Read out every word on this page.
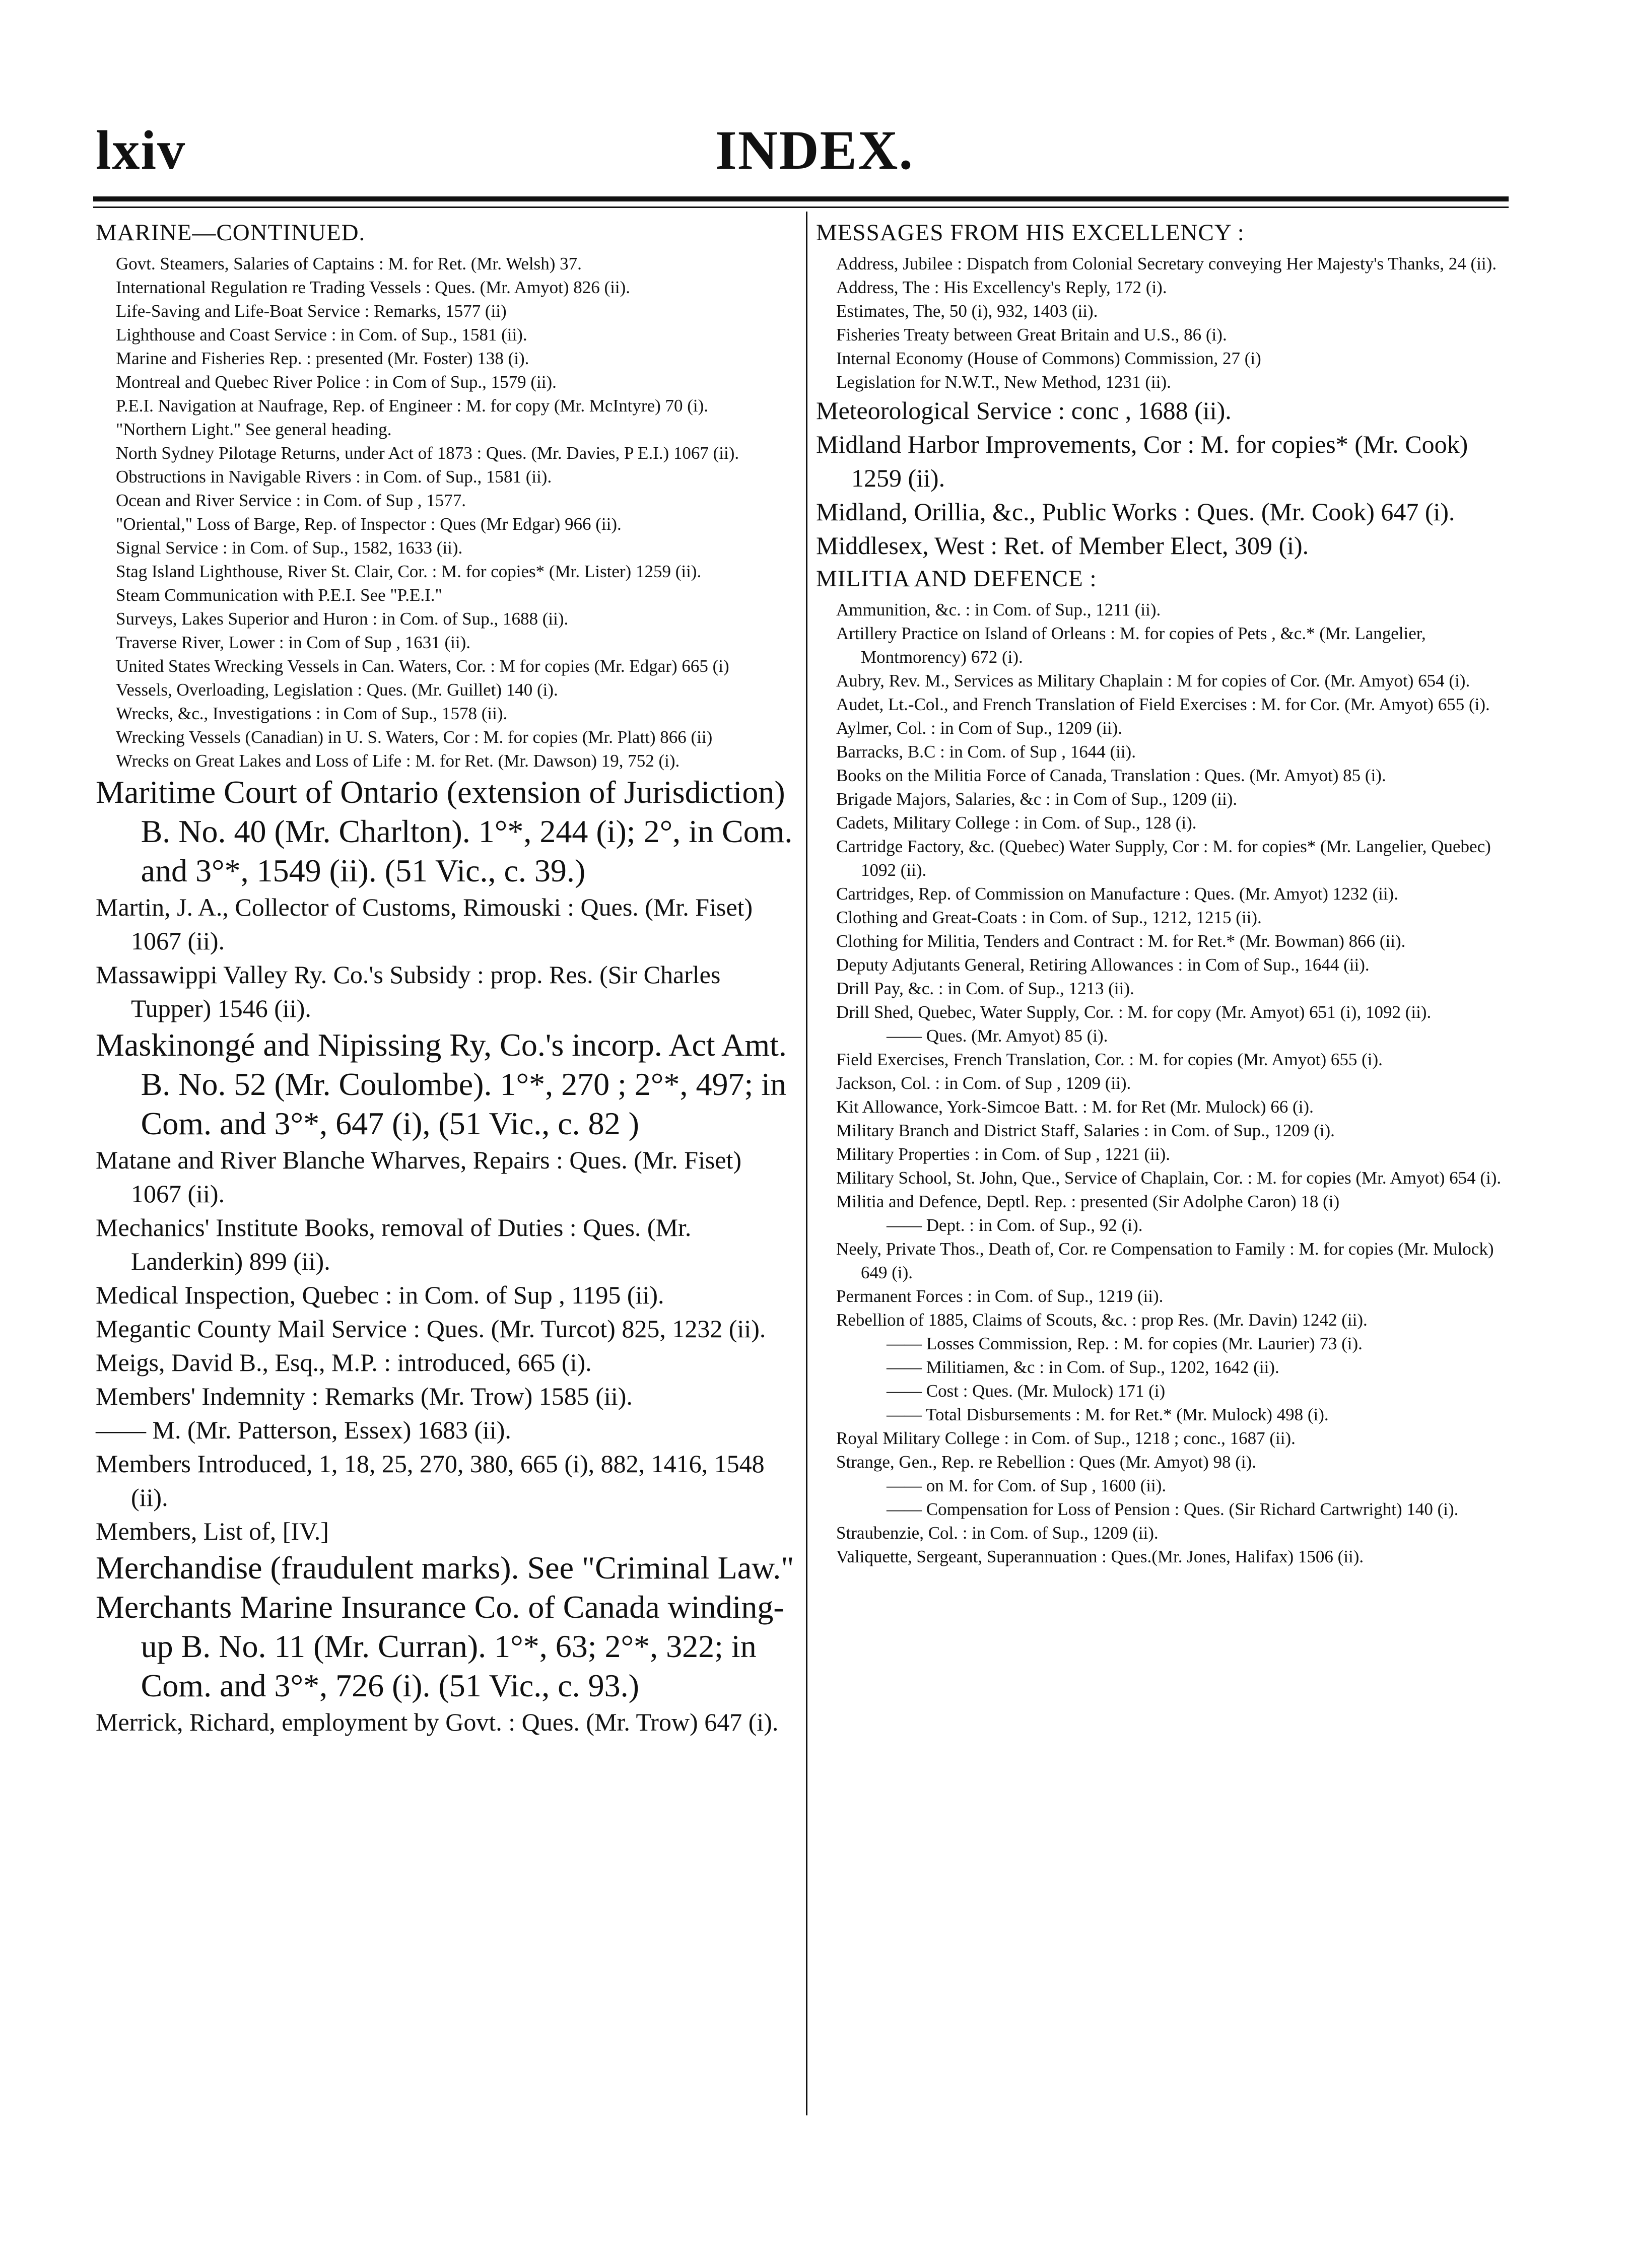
lxiv	INDEX.
MARINE—CONTINUED.
Govt. Steamers, Salaries of Captains : M. for Ret. (Mr. Welsh) 37.
International Regulation re Trading Vessels : Ques. (Mr. Amyot) 826 (ii).
Life-Saving and Life-Boat Service : Remarks, 1577 (ii)
Lighthouse and Coast Service : in Com. of Sup., 1581 (ii).
Marine and Fisheries Rep. : presented (Mr. Foster) 138 (i).
Montreal and Quebec River Police : in Com of Sup., 1579 (ii).
P.E.I. Navigation at Naufrage, Rep. of Engineer : M. for copy (Mr. McIntyre) 70 (i).
"Northern Light." See general heading.
North Sydney Pilotage Returns, under Act of 1873 : Ques. (Mr. Davies, P E.I.) 1067 (ii).
Obstructions in Navigable Rivers : in Com. of Sup., 1581 (ii).
Ocean and River Service : in Com. of Sup , 1577.
"Oriental," Loss of Barge, Rep. of Inspector : Ques (Mr Edgar) 966 (ii).
Signal Service : in Com. of Sup., 1582, 1633 (ii).
Stag Island Lighthouse, River St. Clair, Cor. : M. for copies* (Mr. Lister) 1259 (ii).
Steam Communication with P.E.I. See "P.E.I."
Surveys, Lakes Superior and Huron : in Com. of Sup., 1688 (ii).
Traverse River, Lower : in Com of Sup , 1631 (ii).
United States Wrecking Vessels in Can. Waters, Cor. : M for copies (Mr. Edgar) 665 (i)
Vessels, Overloading, Legislation : Ques. (Mr. Guillet) 140 (i).
Wrecks, &c., Investigations : in Com of Sup., 1578 (ii).
Wrecking Vessels (Canadian) in U. S. Waters, Cor : M. for copies (Mr. Platt) 866 (ii)
Wrecks on Great Lakes and Loss of Life : M. for Ret. (Mr. Dawson) 19, 752 (i).
Maritime Court of Ontario (extension of Jurisdiction) B. No. 40 (Mr. Charlton). 1°*, 244 (i); 2°, in Com. and 3°*, 1549 (ii). (51 Vic., c. 39.)
Martin, J. A., Collector of Customs, Rimouski : Ques. (Mr. Fiset) 1067 (ii).
Massawippi Valley Ry. Co.'s Subsidy : prop. Res. (Sir Charles Tupper) 1546 (ii).
Maskinongé and Nipissing Ry, Co.'s incorp. Act Amt. B. No. 52 (Mr. Coulombe). 1°*, 270 ; 2°*, 497; in Com. and 3°*, 647 (i), (51 Vic., c. 82 )
Matane and River Blanche Wharves, Repairs : Ques. (Mr. Fiset) 1067 (ii).
Mechanics' Institute Books, removal of Duties : Ques. (Mr. Landerkin) 899 (ii).
Medical Inspection, Quebec : in Com. of Sup , 1195 (ii).
Megantic County Mail Service : Ques. (Mr. Turcot) 825, 1232 (ii).
Meigs, David B., Esq., M.P. : introduced, 665 (i).
Members' Indemnity : Remarks (Mr. Trow) 1585 (ii).
—— M. (Mr. Patterson, Essex) 1683 (ii).
Members Introduced, 1, 18, 25, 270, 380, 665 (i), 882, 1416, 1548 (ii).
Members, List of, [IV.]
Merchandise (fraudulent marks). See "Criminal Law."
Merchants Marine Insurance Co. of Canada winding-up B. No. 11 (Mr. Curran). 1°*, 63; 2°*, 322; in Com. and 3°*, 726 (i). (51 Vic., c. 93.)
Merrick, Richard, employment by Govt. : Ques. (Mr. Trow) 647 (i).
MESSAGES FROM HIS EXCELLENCY :
Address, Jubilee : Dispatch from Colonial Secretary conveying Her Majesty's Thanks, 24 (ii).
Address, The : His Excellency's Reply, 172 (i).
Estimates, The, 50 (i), 932, 1403 (ii).
Fisheries Treaty between Great Britain and U.S., 86 (i).
Internal Economy (House of Commons) Commission, 27 (i)
Legislation for N.W.T., New Method, 1231 (ii).
Meteorological Service : conc , 1688 (ii).
Midland Harbor Improvements, Cor : M. for copies* (Mr. Cook) 1259 (ii).
Midland, Orillia, &c., Public Works : Ques. (Mr. Cook) 647 (i).
Middlesex, West : Ret. of Member Elect, 309 (i).
MILITIA AND DEFENCE :
Ammunition, &c. : in Com. of Sup., 1211 (ii).
Artillery Practice on Island of Orleans : M. for copies of Pets , &c.* (Mr. Langelier, Montmorency) 672 (i).
Aubry, Rev. M., Services as Military Chaplain : M for copies of Cor. (Mr. Amyot) 654 (i).
Audet, Lt.-Col., and French Translation of Field Exercises : M. for Cor. (Mr. Amyot) 655 (i).
Aylmer, Col. : in Com of Sup., 1209 (ii).
Barracks, B.C : in Com. of Sup , 1644 (ii).
Books on the Militia Force of Canada, Translation : Ques. (Mr. Amyot) 85 (i).
Brigade Majors, Salaries, &c : in Com of Sup., 1209 (ii).
Cadets, Military College : in Com. of Sup., 128 (i).
Cartridge Factory, &c. (Quebec) Water Supply, Cor : M. for copies* (Mr. Langelier, Quebec) 1092 (ii).
Cartridges, Rep. of Commission on Manufacture : Ques. (Mr. Amyot) 1232 (ii).
Clothing and Great-Coats : in Com. of Sup., 1212, 1215 (ii).
Clothing for Militia, Tenders and Contract : M. for Ret.* (Mr. Bowman) 866 (ii).
Deputy Adjutants General, Retiring Allowances : in Com of Sup., 1644 (ii).
Drill Pay, &c. : in Com. of Sup., 1213 (ii).
Drill Shed, Quebec, Water Supply, Cor. : M. for copy (Mr. Amyot) 651 (i), 1092 (ii).
—— Ques. (Mr. Amyot) 85 (i).
Field Exercises, French Translation, Cor. : M. for copies (Mr. Amyot) 655 (i).
Jackson, Col. : in Com. of Sup , 1209 (ii).
Kit Allowance, York-Simcoe Batt. : M. for Ret (Mr. Mulock) 66 (i).
Military Branch and District Staff, Salaries : in Com. of Sup., 1209 (i).
Military Properties : in Com. of Sup , 1221 (ii).
Military School, St. John, Que., Service of Chaplain, Cor. : M. for copies (Mr. Amyot) 654 (i).
Militia and Defence, Deptl. Rep. : presented (Sir Adolphe Caron) 18 (i)
—— Dept. : in Com. of Sup., 92 (i).
Neely, Private Thos., Death of, Cor. re Compensation to Family : M. for copies (Mr. Mulock) 649 (i).
Permanent Forces : in Com. of Sup., 1219 (ii).
Rebellion of 1885, Claims of Scouts, &c. : prop Res. (Mr. Davin) 1242 (ii).
—— Losses Commission, Rep. : M. for copies (Mr. Laurier) 73 (i).
—— Militiamen, &c : in Com. of Sup., 1202, 1642 (ii).
—— Cost : Ques. (Mr. Mulock) 171 (i)
—— Total Disbursements : M. for Ret.* (Mr. Mulock) 498 (i).
Royal Military College : in Com. of Sup., 1218 ; conc., 1687 (ii).
Strange, Gen., Rep. re Rebellion : Ques (Mr. Amyot) 98 (i).
—— on M. for Com. of Sup , 1600 (ii).
—— Compensation for Loss of Pension : Ques. (Sir Richard Cartwright) 140 (i).
Straubenzie, Col. : in Com. of Sup., 1209 (ii).
Valiquette, Sergeant, Superannuation : Ques.(Mr. Jones, Halifax) 1506 (ii).
